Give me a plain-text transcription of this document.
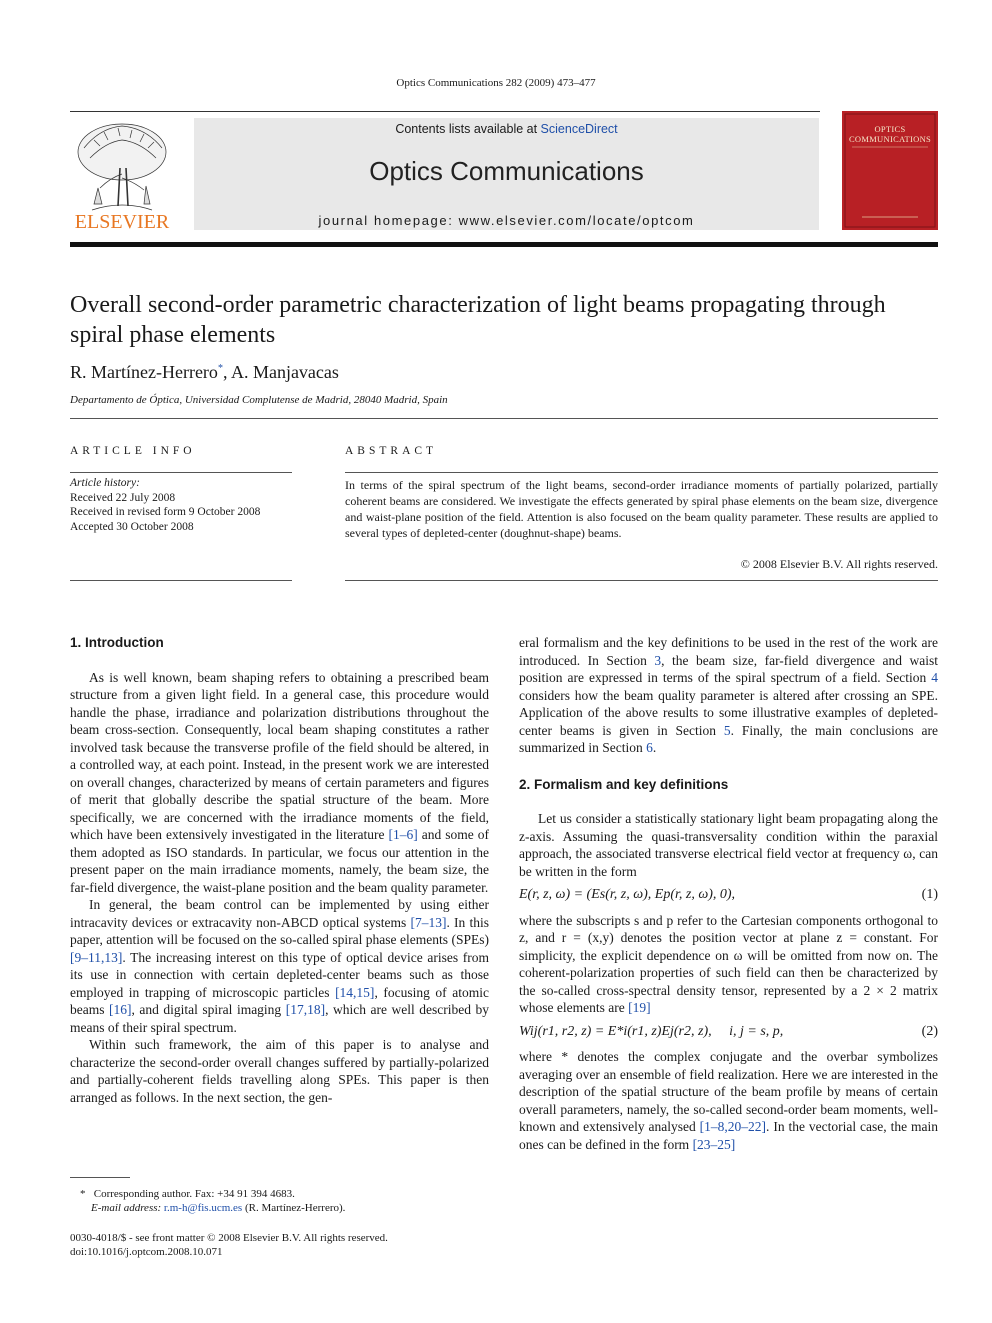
Optics Communications 282 (2009) 473–477
ELSEVIER
Contents lists available at ScienceDirect
Optics Communications
journal homepage: www.elsevier.com/locate/optcom
OPTICS
COMMUNICATIONS
Overall second-order parametric characterization of light beams propagating through spiral phase elements
R. Martínez-Herrero*, A. Manjavacas
Departamento de Óptica, Universidad Complutense de Madrid, 28040 Madrid, Spain
ARTICLE INFO
Article history:
Received 22 July 2008
Received in revised form 9 October 2008
Accepted 30 October 2008
ABSTRACT
In terms of the spiral spectrum of the light beams, second-order irradiance moments of partially polarized, partially coherent beams are considered. We investigate the effects generated by spiral phase elements on the beam size, divergence and waist-plane position of the field. Attention is also focused on the beam quality parameter. These results are applied to several types of depleted-center (doughnut-shape) beams.
© 2008 Elsevier B.V. All rights reserved.
1. Introduction

As is well known, beam shaping refers to obtaining a prescribed beam structure from a given light field. In a general case, this procedure would handle the phase, irradiance and polarization distributions throughout the beam cross-section. Consequently, local beam shaping constitutes a rather involved task because the transverse profile of the field should be altered, in a controlled way, at each point. Instead, in the present work we are interested on overall changes, characterized by means of certain parameters and figures of merit that globally describe the spatial structure of the beam. More specifically, we are concerned with the irradiance moments of the field, which have been extensively investigated in the literature [1–6] and some of them adopted as ISO standards. In particular, we focus our attention in the present paper on the main irradiance moments, namely, the beam size, the far-field divergence, the waist-plane position and the beam quality parameter.

In general, the beam control can be implemented by using either intracavity devices or extracavity non-ABCD optical systems [7–13]. In this paper, attention will be focused on the so-called spiral phase elements (SPEs) [9–11,13]. The increasing interest on this type of optical device arises from its use in connection with certain depleted-center beams such as those employed in trapping of microscopic particles [14,15], focusing of atomic beams [16], and digital spiral imaging [17,18], which are well described by means of their spiral spectrum.

Within such framework, the aim of this paper is to analyse and characterize the second-order overall changes suffered by partially-polarized and partially-coherent fields travelling along SPEs. This paper is then arranged as follows. In the next section, the gen-

* Corresponding author. Fax: +34 91 394 4683.
E-mail address: r.m-h@fis.ucm.es (R. Martínez-Herrero).
0030-4018/$ - see front matter © 2008 Elsevier B.V. All rights reserved.
doi:10.1016/j.optcom.2008.10.071

eral formalism and the key definitions to be used in the rest of the work are introduced. In Section 3, the beam size, far-field divergence and waist position are expressed in terms of the spiral spectrum of a field. Section 4 considers how the beam quality parameter is altered after crossing an SPE. Application of the above results to some illustrative examples of depleted-center beams is given in Section 5. Finally, the main conclusions are summarized in Section 6.

2. Formalism and key definitions

Let us consider a statistically stationary light beam propagating along the z-axis. Assuming the quasi-transversality condition within the paraxial approach, the associated transverse electrical field vector at frequency ω, can be written in the form

E(r, z, ω) = (Es(r, z, ω), Ep(r, z, ω), 0),	(1)

where the subscripts s and p refer to the Cartesian components orthogonal to z, and r = (x,y) denotes the position vector at plane z = constant. For simplicity, the explicit dependence on ω will be omitted from now on. The coherent-polarization properties of such field can then be characterized by the so-called cross-spectral density tensor, represented by a 2 × 2 matrix whose elements are [19]

Wij(r1, r2, z) = E*i(r1, z)Ej(r2, z),     i, j = s, p,	(2)

where * denotes the complex conjugate and the overbar symbolizes averaging over an ensemble of field realization. Here we are interested in the description of the spatial structure of the beam profile by means of certain overall parameters, namely, the so-called second-order beam moments, well-known and extensively analysed [1–8,20–22]. In the vectorial case, the main ones can be defined in the form [23–25]
